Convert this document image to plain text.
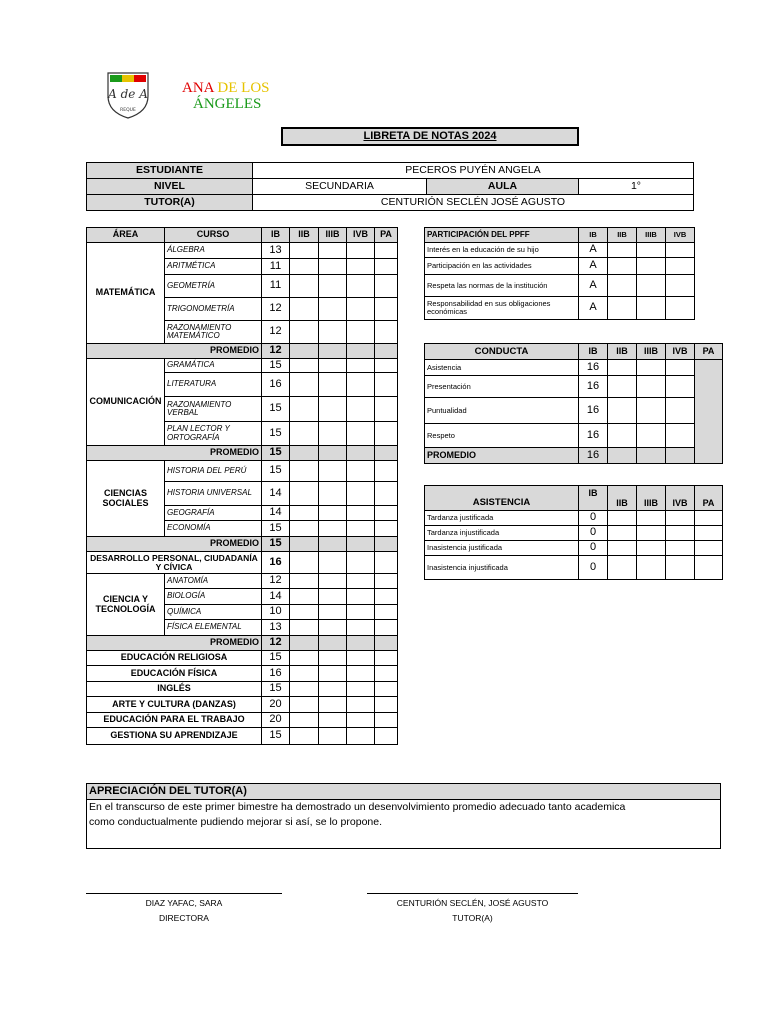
A de A
REQUE
ANA DE LOS
ÁNGELES
LIBRETA DE NOTAS 2024
ESTUDIANTE	PECEROS PUYÉN ANGELA		
NIVEL	SECUNDARIA	AULA	1°
TUTOR(A)	CENTURIÓN SECLÉN JOSÉ AGUSTO		
ÁREA	CURSO	IB	IIB	IIIB	IVB	PA
MATEMÁTICA	ÁLGEBRA	13				
	ARITMÉTICA	11				
	GEOMETRÍA	11				
	TRIGONOMETRÍA	12				
	RAZONAMIENTO MATEMÁTICO	12				
PROMEDIO		12				
COMUNICACIÓN	GRAMÁTICA	15				
	LITERATURA	16				
	RAZONAMIENTO VERBAL	15				
	PLAN LECTOR Y ORTOGRAFÍA	15				
PROMEDIO		15				
CIENCIAS SOCIALES	HISTORIA DEL PERÚ	15				
	HISTORIA UNIVERSAL	14				
	GEOGRAFÍA	14				
	ECONOMÍA	15				
PROMEDIO		15				
DESARROLLO PERSONAL, CIUDADANÍA Y CÍVICA		16				
CIENCIA Y TECNOLOGÍA	ANATOMÍA	12				
	BIOLOGÍA	14				
	QUÍMICA	10				
	FÍSICA ELEMENTAL	13				
PROMEDIO		12				
EDUCACIÓN RELIGIOSA		15				
EDUCACIÓN FÍSICA		16				
INGLÉS		15				
ARTE Y CULTURA (DANZAS)		20				
EDUCACIÓN PARA EL TRABAJO		20				
GESTIONA SU APRENDIZAJE		15				
PARTICIPACIÓN DEL PPFF	IB	IIB	IIIB	IVB
Interés en la educación de su hijo	A			
Participación en las actividades	A			
Respeta las normas de la institución	A			
Responsabilidad en sus obligaciones económicas	A			
CONDUCTA	IB	IIB	IIIB	IVB	PA
Asistencia	16				
Presentación	16				
Puntualidad	16				
Respeto	16				
PROMEDIO	16				
ASISTENCIA	IB	IIB	IIIB	IVB	PA
Tardanza justificada	0				
Tardanza injustificada	0				
Inasistencia justificada	0				
Inasistencia injustificada	0				
APRECIACIÓN DEL TUTOR(A)
En el transcurso de este primer bimestre ha demostrado un desenvolvimiento promedio adecuado tanto academica
como conductualmente pudiendo mejorar si así, se lo propone.
DIAZ YAFAC, SARA
DIRECTORA
CENTURIÓN SECLÉN, JOSÉ AGUSTO
TUTOR(A)
